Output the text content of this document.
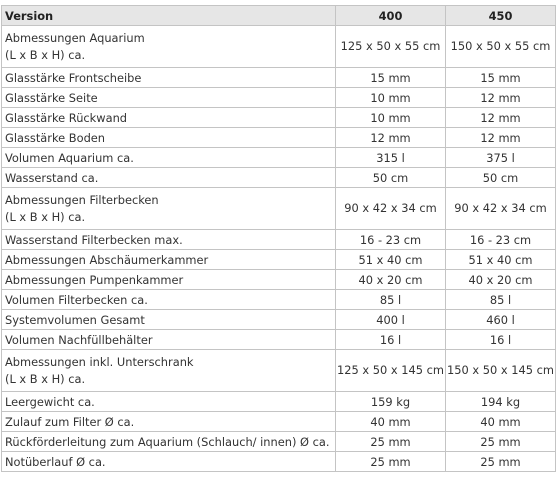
Version	400	450

Abmessungen Aquarium
(L x B x H) ca.	125 x 50 x 55 cm	150 x 50 x 55 cm

Glasstärke Frontscheibe	15 mm	15 mm

Glasstärke Seite	10 mm	12 mm

Glasstärke Rückwand	10 mm	12 mm

Glasstärke Boden	12 mm	12 mm

Volumen Aquarium ca.	315 l	375 l

Wasserstand ca.	50 cm	50 cm

Abmessungen Filterbecken
(L x B x H) ca.	90 x 42 x 34 cm	90 x 42 x 34 cm

Wasserstand Filterbecken max.	16 - 23 cm	16 - 23 cm

Abmessungen Abschäumerkammer	51 x 40 cm	51 x 40 cm

Abmessungen Pumpenkammer	40 x 20 cm	40 x 20 cm

Volumen Filterbecken ca.	85 l	85 l

Systemvolumen Gesamt	400 l	460 l

Volumen Nachfüllbehälter	16 l	16 l

Abmessungen inkl. Unterschrank
(L x B x H) ca.	125 x 50 x 145 cm	150 x 50 x 145 cm

Leergewicht ca.	159 kg	194 kg

Zulauf zum Filter Ø ca.	40 mm	40 mm

Rückförderleitung zum Aquarium (Schlauch/ innen) Ø ca.	25 mm	25 mm

Notüberlauf Ø ca.	25 mm	25 mm
